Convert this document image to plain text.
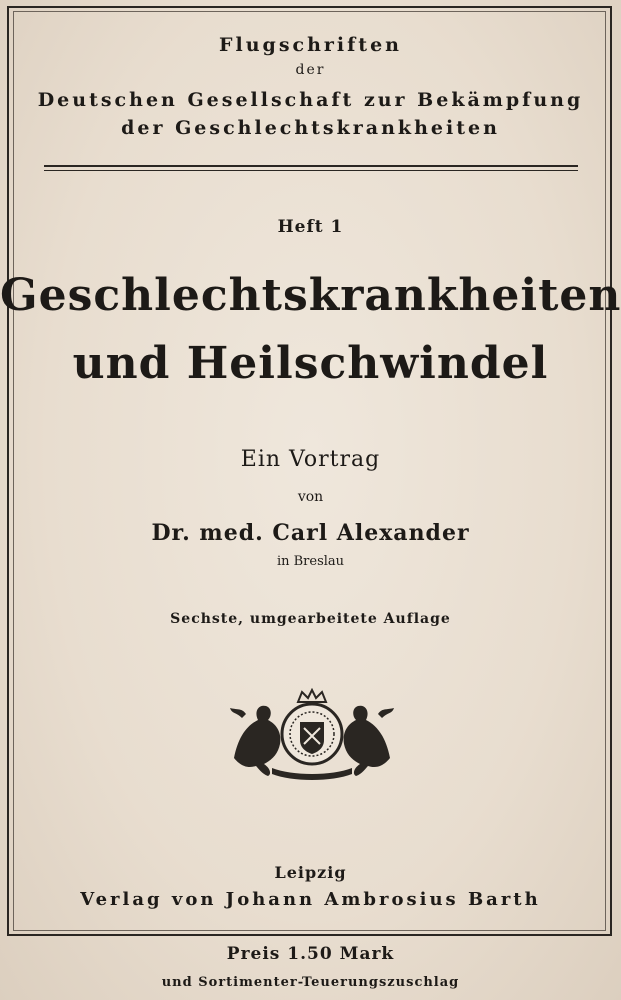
Flugschriften
der
Deutschen Gesellschaft zur Bekämpfung
der Geschlechtskrankheiten
Heft 1
Geschlechtskrankheiten
und Heilschwindel
Ein Vortrag
von
Dr. med. Carl Alexander
in Breslau
Sechste, umgearbeitete Auflage
Leipzig
Verlag von Johann Ambrosius Barth
Preis 1.50 Mark
und Sortimenter-Teuerungszuschlag
